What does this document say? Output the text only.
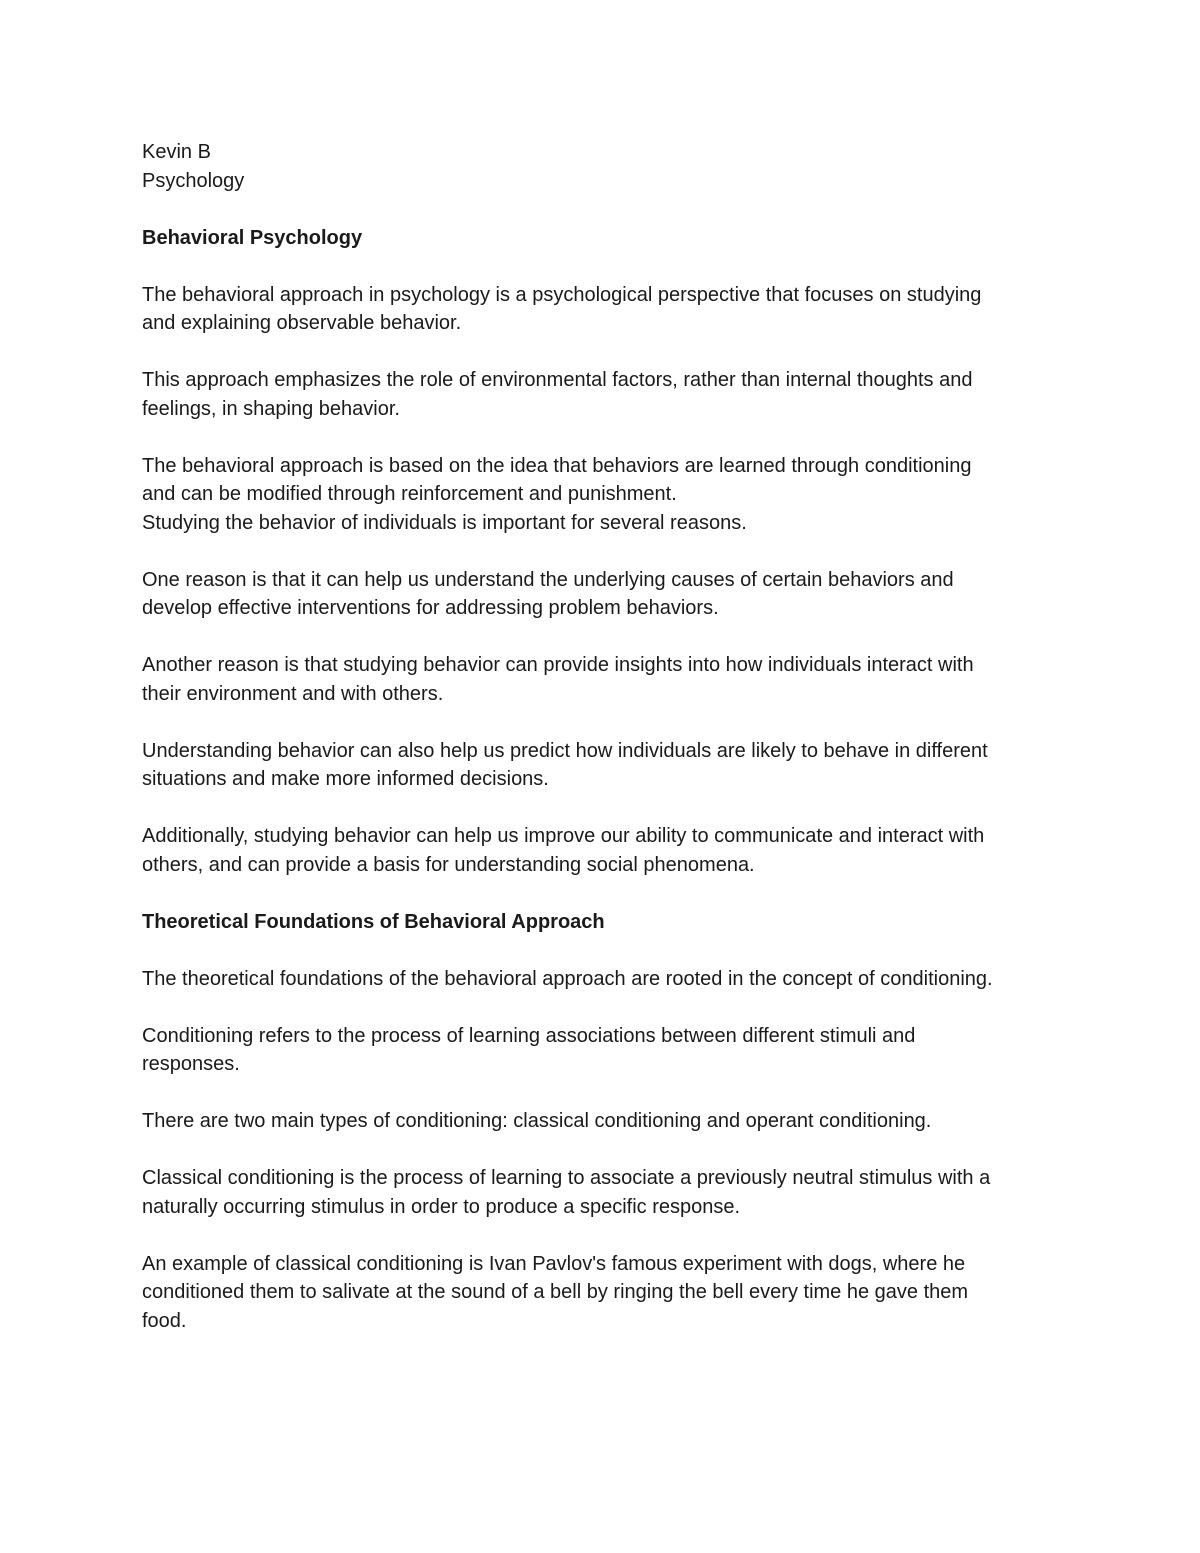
Kevin B
Psychology
Behavioral Psychology
The behavioral approach in psychology is a psychological perspective that focuses on studying
and explaining observable behavior.
This approach emphasizes the role of environmental factors, rather than internal thoughts and
feelings, in shaping behavior.
The behavioral approach is based on the idea that behaviors are learned through conditioning
and can be modified through reinforcement and punishment.
Studying the behavior of individuals is important for several reasons.
One reason is that it can help us understand the underlying causes of certain behaviors and
develop effective interventions for addressing problem behaviors.
Another reason is that studying behavior can provide insights into how individuals interact with
their environment and with others.
Understanding behavior can also help us predict how individuals are likely to behave in different
situations and make more informed decisions.
Additionally, studying behavior can help us improve our ability to communicate and interact with
others, and can provide a basis for understanding social phenomena.
Theoretical Foundations of Behavioral Approach
The theoretical foundations of the behavioral approach are rooted in the concept of conditioning.
Conditioning refers to the process of learning associations between different stimuli and
responses.
There are two main types of conditioning: classical conditioning and operant conditioning.
Classical conditioning is the process of learning to associate a previously neutral stimulus with a
naturally occurring stimulus in order to produce a specific response.
An example of classical conditioning is Ivan Pavlov's famous experiment with dogs, where he
conditioned them to salivate at the sound of a bell by ringing the bell every time he gave them
food.
